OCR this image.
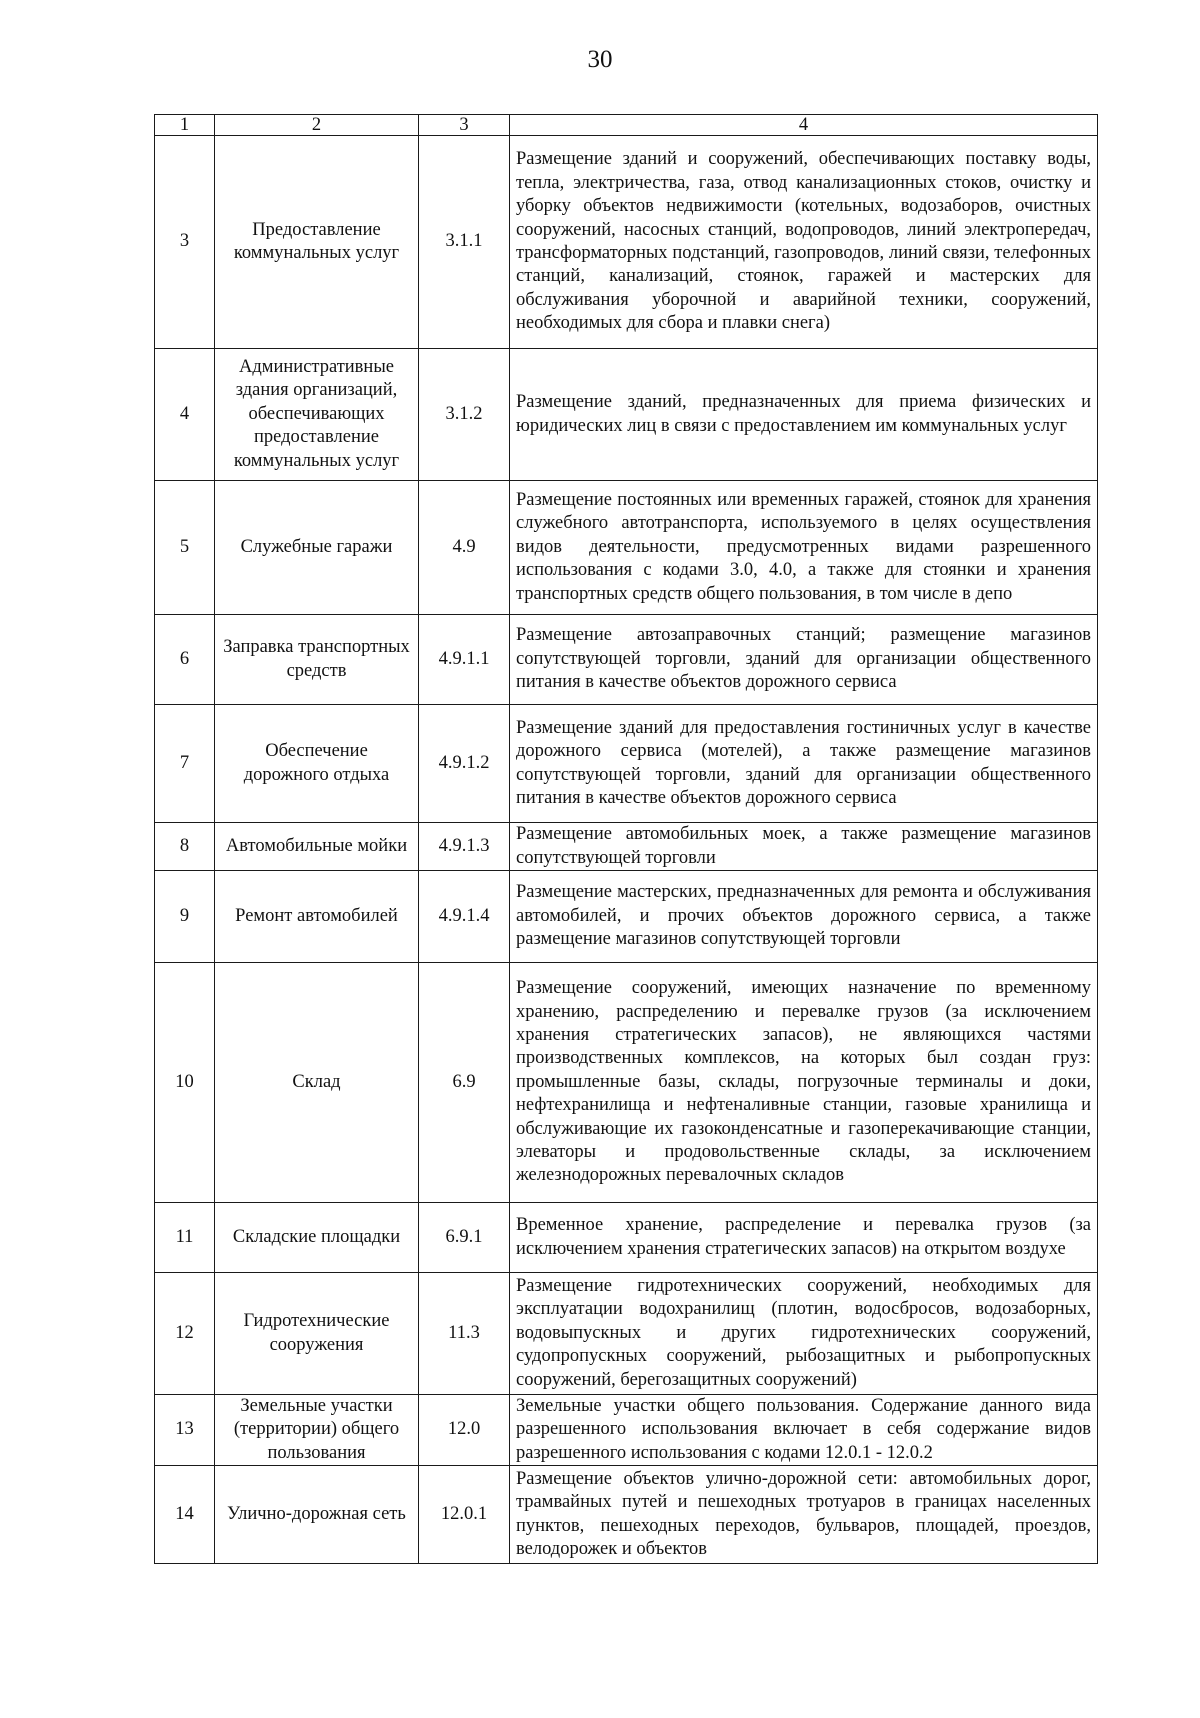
30
1	2	3	4
3	Предоставление коммунальных услуг	3.1.1	Размещение зданий и сооружений, обеспечивающих поставку воды, тепла, электричества, газа, отвод канализационных стоков, очистку и уборку объектов недвижимости (котельных, водозаборов, очистных сооружений, насосных станций, водопроводов, линий электропередач, трансформаторных подстанций, газопроводов, линий связи, телефонных станций, канализаций, стоянок, гаражей и мастерских для обслуживания уборочной и аварийной техники, сооружений, необходимых для сбора и плавки снега)
4	Административные здания организаций, обеспечивающих предоставление коммунальных услуг	3.1.2	Размещение зданий, предназначенных для приема физических и юридических лиц в связи с предоставлением им коммунальных услуг
5	Служебные гаражи	4.9	Размещение постоянных или временных гаражей, стоянок для хранения служебного автотранспорта, используемого в целях осуществления видов деятельности, предусмотренных видами разрешенного использования с кодами 3.0, 4.0, а также для стоянки и хранения транспортных средств общего пользования, в том числе в депо
6	Заправка транспортных средств	4.9.1.1	Размещение автозаправочных станций; размещение магазинов сопутствующей торговли, зданий для организации общественного питания в качестве объектов дорожного сервиса
7	Обеспечение дорожного отдыха	4.9.1.2	Размещение зданий для предоставления гостиничных услуг в качестве дорожного сервиса (мотелей), а также размещение магазинов сопутствующей торговли, зданий для организации общественного питания в качестве объектов дорожного сервиса
8	Автомобильные мойки	4.9.1.3	Размещение автомобильных моек, а также размещение магазинов сопутствующей торговли
9	Ремонт автомобилей	4.9.1.4	Размещение мастерских, предназначенных для ремонта и обслуживания автомобилей, и прочих объектов дорожного сервиса, а также размещение магазинов сопутствующей торговли
10	Склад	6.9	Размещение сооружений, имеющих назначение по временному хранению, распределению и перевалке грузов (за исключением хранения стратегических запасов), не являющихся частями производственных комплексов, на которых был создан груз: промышленные базы, склады, погрузочные терминалы и доки, нефтехранилища и нефтеналивные станции, газовые хранилища и обслуживающие их газоконденсатные и газоперекачивающие станции, элеваторы и продовольственные склады, за исключением железнодорожных перевалочных складов
11	Складские площадки	6.9.1	Временное хранение, распределение и перевалка грузов (за исключением хранения стратегических запасов) на открытом воздухе
12	Гидротехнические сооружения	11.3	Размещение гидротехнических сооружений, необходимых для эксплуатации водохранилищ (плотин, водосбросов, водозаборных, водовыпускных и других гидротехнических сооружений, судопропускных сооружений, рыбозащитных и рыбопропускных сооружений, берегозащитных сооружений)
13	Земельные участки (территории) общего пользования	12.0	Земельные участки общего пользования. Содержание данного вида разрешенного использования включает в себя содержание видов разрешенного использования с кодами 12.0.1 - 12.0.2
14	Улично-дорожная сеть	12.0.1	Размещение объектов улично-дорожной сети: автомобильных дорог, трамвайных путей и пешеходных тротуаров в границах населенных пунктов, пешеходных переходов, бульваров, площадей, проездов, велодорожек и объектов
